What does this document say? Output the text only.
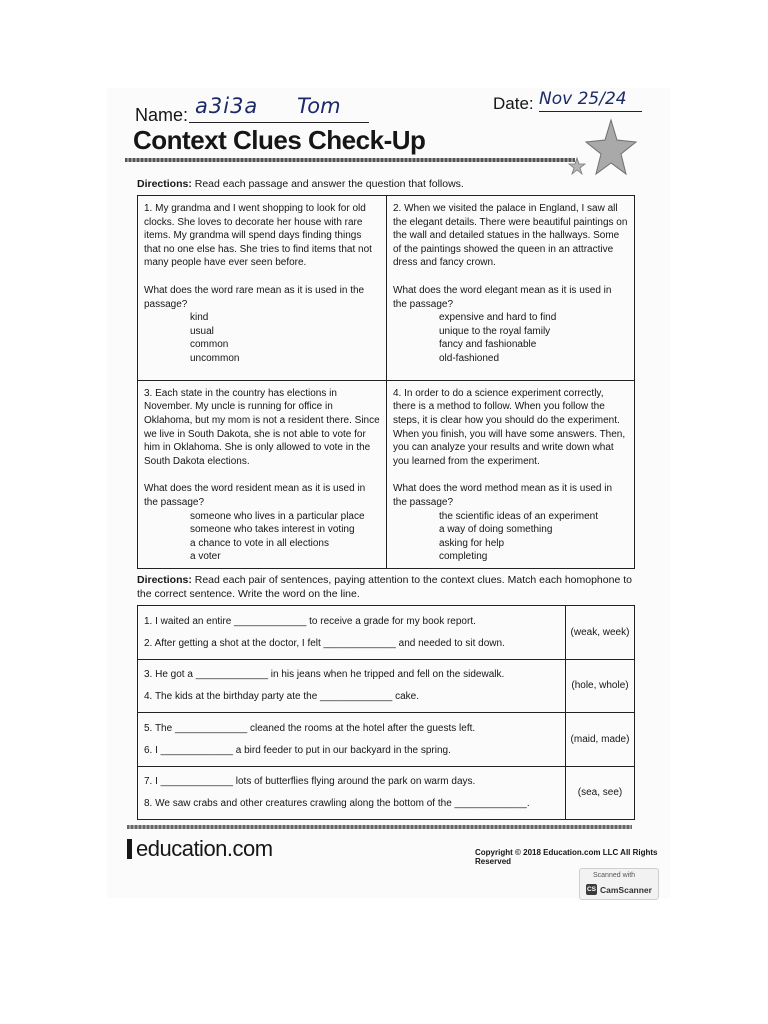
Name: a3i3a Tom	Date: Nov 25/24
Context Clues Check-Up
Directions: Read each passage and answer the question that follows.
1. My grandma and I went shopping to look for old clocks. She loves to decorate her house with rare items. My grandma will spend days finding things that no one else has. She tries to find items that not many people have ever seen before.
What does the word rare mean as it is used in the passage?
kind
usual
common
uncommon
2. When we visited the palace in England, I saw all the elegant details. There were beautiful paintings on the wall and detailed statues in the hallways. Some of the paintings showed the queen in an attractive dress and fancy crown.
What does the word elegant mean as it is used in the passage?
expensive and hard to find
unique to the royal family
fancy and fashionable
old-fashioned
3. Each state in the country has elections in November. My uncle is running for office in Oklahoma, but my mom is not a resident there. Since we live in South Dakota, she is not able to vote for him in Oklahoma. She is only allowed to vote in the South Dakota elections.
What does the word resident mean as it is used in the passage?
someone who lives in a particular place
someone who takes interest in voting
a chance to vote in all elections
a voter
4. In order to do a science experiment correctly, there is a method to follow. When you follow the steps, it is clear how you should do the experiment. When you finish, you will have some answers. Then, you can analyze your results and write down what you learned from the experiment.
What does the word method mean as it is used in the passage?
the scientific ideas of an experiment
a way of doing something
asking for help
completing
Directions: Read each pair of sentences, paying attention to the context clues. Match each homophone to the correct sentence. Write the word on the line.
1. I waited an entire _____________ to receive a grade for my book report.
2. After getting a shot at the doctor, I felt _____________ and needed to sit down.
(weak, week)
3. He got a _____________ in his jeans when he tripped and fell on the sidewalk.
4. The kids at the birthday party ate the _____________ cake.
(hole, whole)
5. The _____________ cleaned the rooms at the hotel after the guests left.
6. I _____________ a bird feeder to put in our backyard in the spring.
(maid, made)
7. I _____________ lots of butterflies flying around the park on warm days.
8. We saw crabs and other creatures crawling along the bottom of the _____________.
(sea, see)
education.com	Copyright © 2018 Education.com LLC All Rights Reserved
Scanned with
CS CamScanner
